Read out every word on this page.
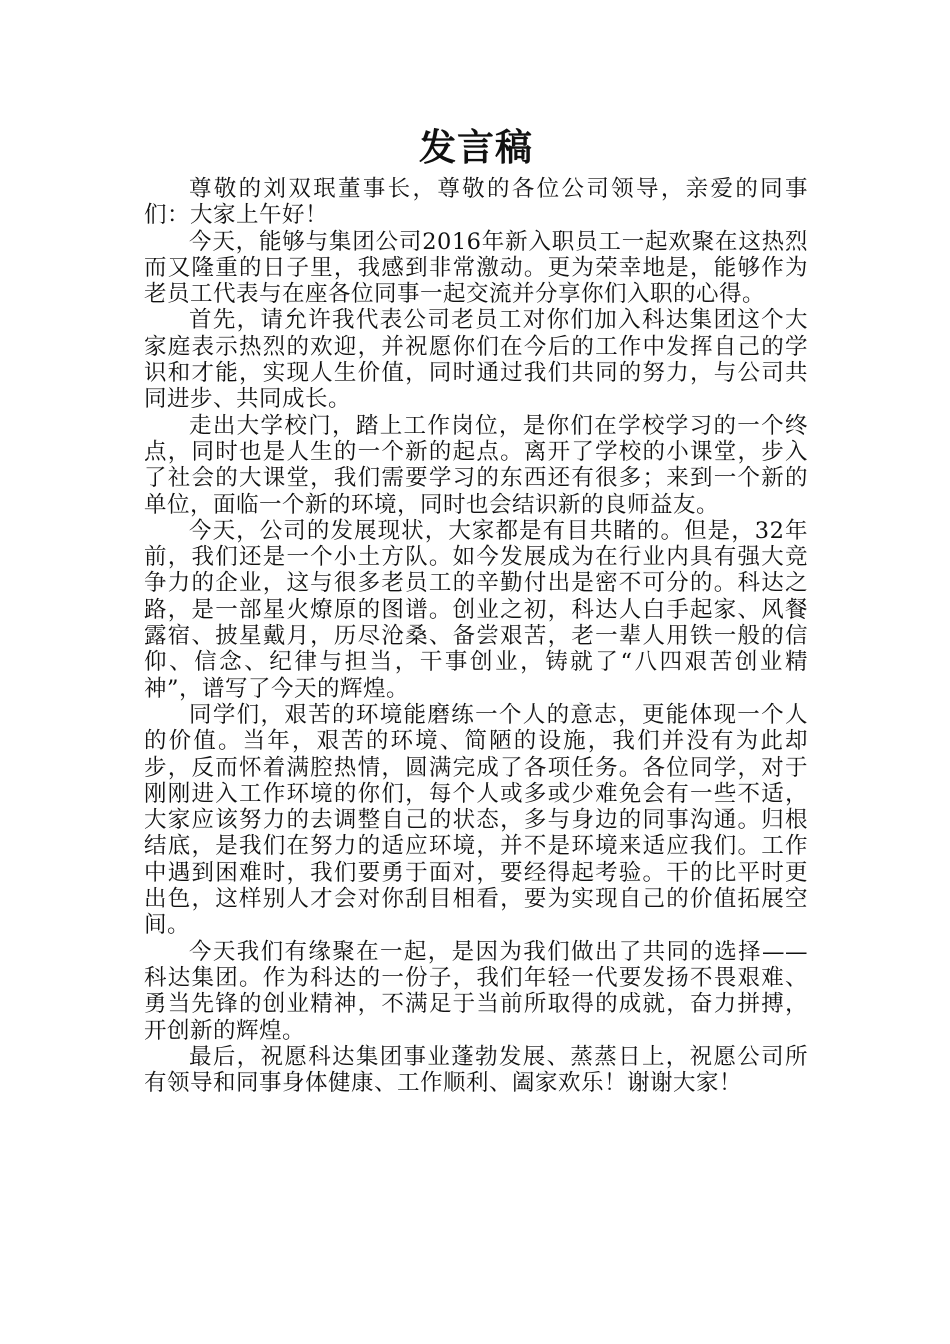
发言稿

尊敬的刘双珉董事长，尊敬的各位公司领导，亲爱的同事们：大家上午好！

今天，能够与集团公司2016年新入职员工一起欢聚在这热烈而又隆重的日子里，我感到非常激动。更为荣幸地是，能够作为老员工代表与在座各位同事一起交流并分享你们入职的心得。

首先，请允许我代表公司老员工对你们加入科达集团这个大家庭表示热烈的欢迎，并祝愿你们在今后的工作中发挥自己的学识和才能，实现人生价值，同时通过我们共同的努力，与公司共同进步、共同成长。

走出大学校门，踏上工作岗位，是你们在学校学习的一个终点，同时也是人生的一个新的起点。离开了学校的小课堂，步入了社会的大课堂，我们需要学习的东西还有很多；来到一个新的单位，面临一个新的环境，同时也会结识新的良师益友。

今天，公司的发展现状，大家都是有目共睹的。但是，32年前，我们还是一个小土方队。如今发展成为在行业内具有强大竞争力的企业，这与很多老员工的辛勤付出是密不可分的。科达之路，是一部星火燎原的图谱。创业之初，科达人白手起家、风餐露宿、披星戴月，历尽沧桑、备尝艰苦，老一辈人用铁一般的信仰、信念、纪律与担当，干事创业，铸就了“八四艰苦创业精神”，谱写了今天的辉煌。

同学们，艰苦的环境能磨练一个人的意志，更能体现一个人的价值。当年，艰苦的环境、简陋的设施，我们并没有为此却步，反而怀着满腔热情，圆满完成了各项任务。各位同学，对于刚刚进入工作环境的你们，每个人或多或少难免会有一些不适，大家应该努力的去调整自己的状态，多与身边的同事沟通。归根结底，是我们在努力的适应环境，并不是环境来适应我们。工作中遇到困难时，我们要勇于面对，要经得起考验。干的比平时更出色，这样别人才会对你刮目相看，要为实现自己的价值拓展空间。

今天我们有缘聚在一起，是因为我们做出了共同的选择——科达集团。作为科达的一份子，我们年轻一代要发扬不畏艰难、勇当先锋的创业精神，不满足于当前所取得的成就，奋力拼搏，开创新的辉煌。

最后，祝愿科达集团事业蓬勃发展、蒸蒸日上，祝愿公司所有领导和同事身体健康、工作顺利、阖家欢乐！谢谢大家！
